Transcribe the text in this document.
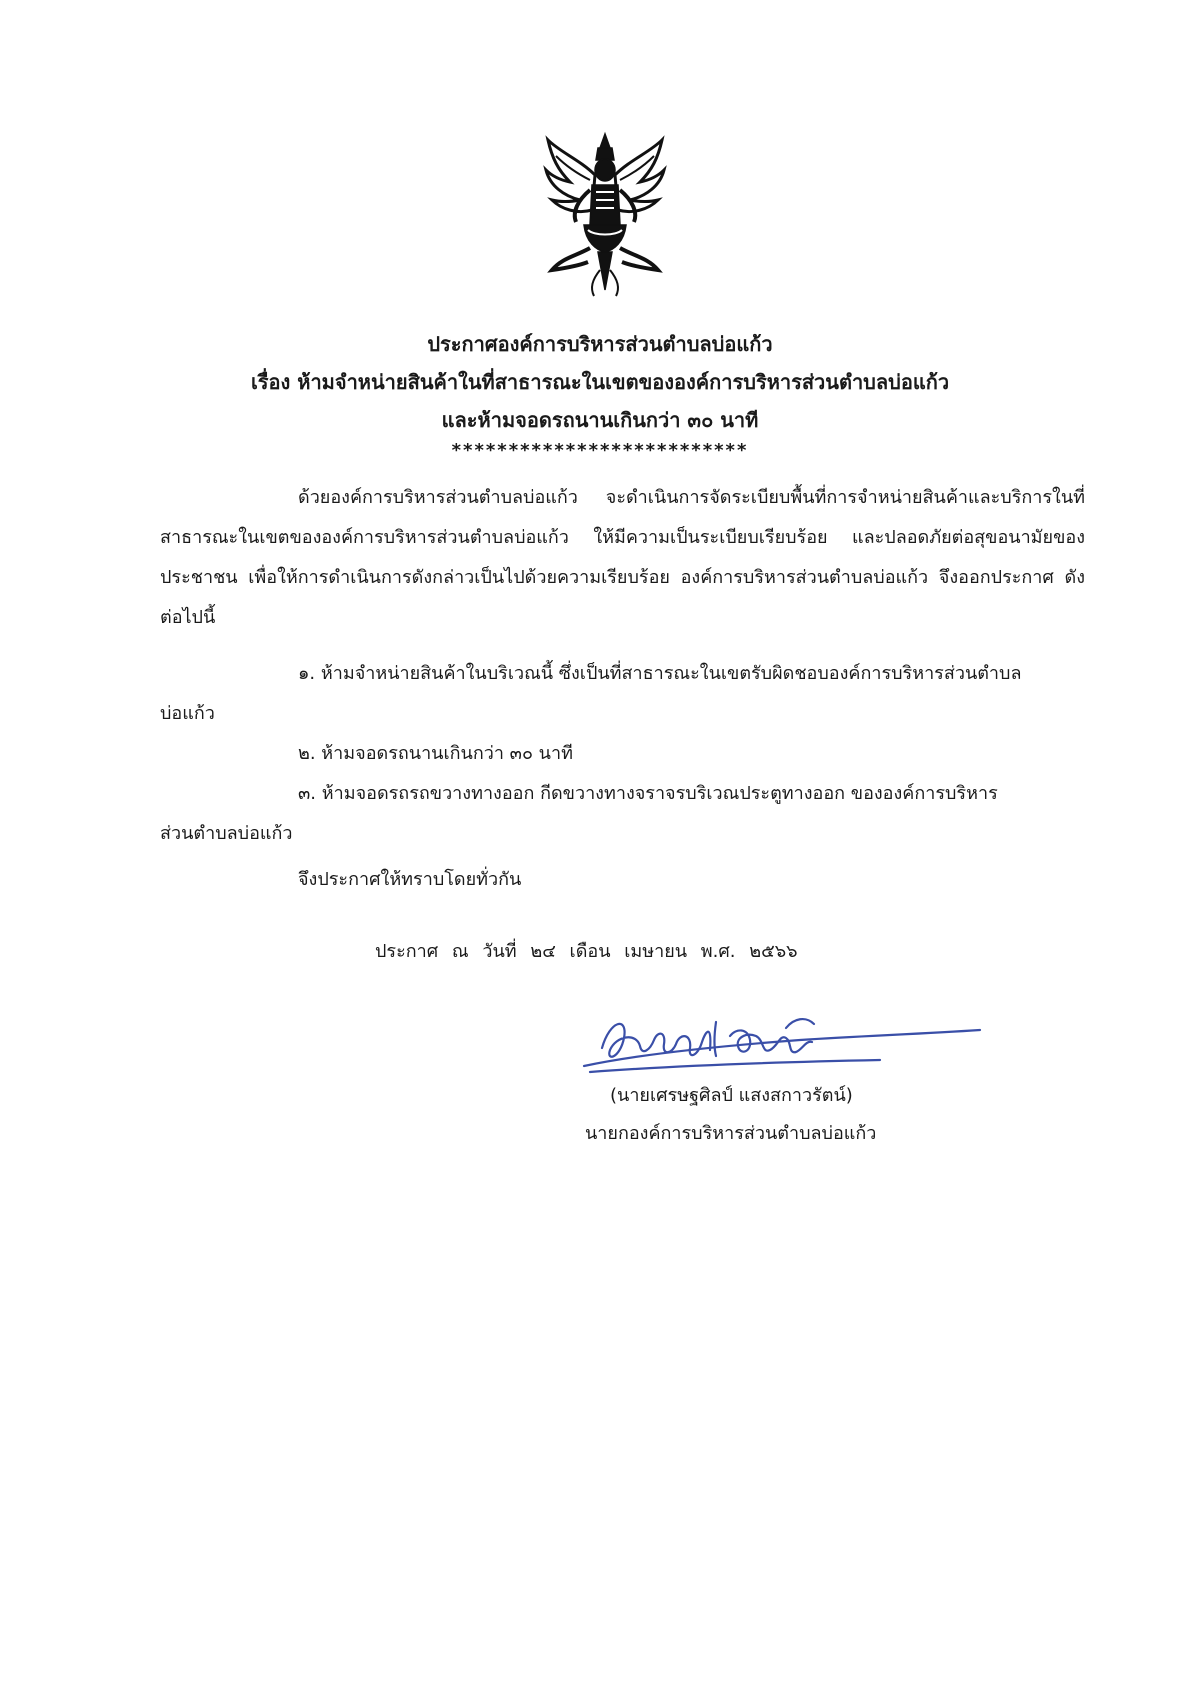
ประกาศองค์การบริหารส่วนตำบลบ่อแก้ว
เรื่อง ห้ามจำหน่ายสินค้าในที่สาธารณะในเขตขององค์การบริหารส่วนตำบลบ่อแก้ว
และห้ามจอดรถนานเกินกว่า ๓๐ นาที
**************************

ด้วยองค์การบริหารส่วนตำบลบ่อแก้ว จะดำเนินการจัดระเบียบพื้นที่การจำหน่ายสินค้าและบริการในที่สาธารณะในเขตขององค์การบริหารส่วนตำบลบ่อแก้ว ให้มีความเป็นระเบียบเรียบร้อย และปลอดภัยต่อสุขอนามัยของประชาชน เพื่อให้การดำเนินการดังกล่าวเป็นไปด้วยความเรียบร้อย องค์การบริหารส่วนตำบลบ่อแก้ว จึงออกประกาศ ดังต่อไปนี้

๑. ห้ามจำหน่ายสินค้าในบริเวณนี้ ซึ่งเป็นที่สาธารณะในเขตรับผิดชอบองค์การบริหารส่วนตำบล
บ่อแก้ว
๒. ห้ามจอดรถนานเกินกว่า ๓๐ นาที
๓. ห้ามจอดรถรถขวางทางออก กีดขวางทางจราจรบริเวณประตูทางออก ขององค์การบริหาร
ส่วนตำบลบ่อแก้ว
จึงประกาศให้ทราบโดยทั่วกัน
ประกาศ ณ วันที่ ๒๔ เดือน เมษายน พ.ศ. ๒๕๖๖
(นายเศรษฐศิลป์ แสงสกาวรัตน์)
นายกองค์การบริหารส่วนตำบลบ่อแก้ว
